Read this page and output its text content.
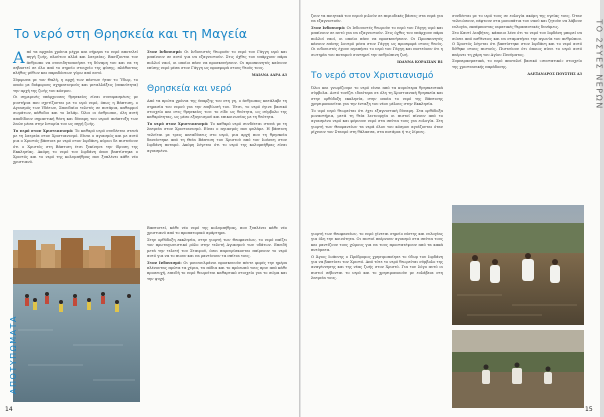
Το νερό στη Θρησκεία και τη Μαγεία

Από τα αρχαία χρόνια μέχρι και σήμερα το νερό αποτελεί πηγή ζωής, πλούτου αλλά και λατρείας. Βασίζονται τον άνθρωπο να συνειδητοποιήσει τη δύναμη του και να τη σεβαστεί σε όλο από το σημείο στοιχείο της φύσης, πλάθοντας πλήθος μύθων και παραδόσεων γύρω από αυτό.

Σύμφωνα με τον Θαλή, η αρχή των πάντων ήταν το Ύδωρ, το οποίο με διάφορους σχηματισμούς και μεταλλάξεις (πυκνότητα) την αρχή της ζωής του κόσμου.

Οι σημερινές υπάρχουσες θρησκείες είναι συνυφασμένες με μυστήρια που σχετίζονται με το ιερό νερό, όπως η Βάπτιση, ο Αγιασμός των Υδάτων, Σπουδαίοι τελετές σε ποτάμια, καθαρμοί σωμάτων, κάθοδοι και το Ισλάμ. Όλοι οι άνθρωποι, όλη αυτή αποδίδουν σημαντική θέση και δύναμη του νερού ανάπτυξη των λαών μέσα στην Ιστορία του ως πηγή ζωής.

Το νερό στον Χριστιανισμό: Το καθαρό νερό συνδέεται στενά με τη λατρεία στον Χριστιανισμό. Είναι ο αγιασμός και με αυτό μια ο Χριστός βάπτισε με νερό στον Ιορδάνη, κύριοι δε πιστεύουν ότι ο Χριστός στη Βάπτιση έτσι ξεκίνησε την ίδρυση της Εκκλησίας. Ακόμη το νερό του Ιορδάνη όπου βαπτίστηκε ο Χριστός και το νερό της κολυμπήθρας που ξυπλένει κάθε νέο χριστιανό.

Στον Ινδουισμό: Οι Ινδουιστές θεωρούν το νερό του Γάγγη ιερό και μπαίνουν σε αυτό για να εξαγνιστούν. Στις όχθες του υπάρχουν πάρα πολλοί ναοί, οι οποίοι πάνε να προσκυνήσουν. Οι προσκυνητές καίνουν επίσης νερό μέσα στον Γάγγη ως προσφορά στους θεούς τους.

ΜΑΙΛΝΑ ΔΑΡΑ Α3
Θρησκεία και νερό

Από τα πρώτα χρόνια της ύπαρξης του στη γη, ο άνθρωπος κατάλαβε τη σημασία του νερού για την επιβίωσή του. Έτσι, το νερό έγινε βασικό στοιχείο και στις θρησκείες του: το είδε ως θεότητα, ως σύμβολο της καθαρότητας, ως μέσο εξαγνισμού και επικοινωνίας με τη θεότητα.

Το νερό στον Χριστιανισμό: Το καθαρό νερό συνδέεται στενά με τη λατρεία στον Χριστιανισμό. Είναι ο αγιασμός που φυλάμε. Η βάπτιση τελείται με τρεις καταδύσεις στο νερό, μια αρχή που τη θρησκεία δανείστηκε από τη Θεία Βάπτιση του Χριστού από τον Ιωάννη στον Ιορδάνη ποταμό. Ακόμη λέγεται ότι το νερό της κολυμπήθρας είναι αγιασμένο.

Βαπτιστεί, κάθε νέο νερό της κολυμπήθρας, που ξυπλένει κάθε νέο χριστιανό από το προπατορικό αμάρτημα.

Στην ορθόδοξη εκκλησία, στην γιορτή των Θεοφανείων, το νερό παίζει τον πρωταγωνιστικό ρόλο στην τελετή Αγιασμού των υδάτων. Επειδή μετά την τελετή του Σταυρού, όσοι παρευρίσκονται παίρνουν το νερό αυτό για να το πιουν και να ραντίσουν τα σπίτια τους.

Στον Ινδουισμό: Οι μουσουλμάνοι προσκυνούν πέντε φορές την ημέρα πλένοντας πρώτα τα χέρια, τα πόδια και το πρόσωπό τους πριν από κάθε προσευχή, επειδή το νερό θεωρείται καθαρτικό στοιχείο για το σώμα και την ψυχή.

ΑΠΟΤΥΠΩΜΑΤΑ
14

ζουν τα ποιητικά του νερού μιλούν σε περιοδικές βάσεις στα νερά για να εξαγνιστούν.

Στον Ινδουισμό: Οι Ινδουιστές θεωρούν το νερό του Γάγγη ιερό και μπαίνουν σε αυτό για να εξαγνιστούν. Στις όχθες του υπάρχουν πάρα πολλοί ναοί, οι οποίοι πάνε να προσκυνήσουν. Οι Προσκυνητές κάνουν επίσης λουτρό μέσα στον Γάγγη ως προσφορά στους θεούς. Οι ινδουιστές έχουν αγαπήσει το νερό του Γάγγη και πιστεύουν ότι η σωτηρία του ποταμού συντηρεί την ανθρώπινη ζωή.

ΙΩΑΝΝΑ ΚΟΡΑΣΙΑΝ Β1
Το νερό στον Χριστιανισμό

Όλοι και γνωρίζουμε το νερό είναι από τα κυριότερα θρησκευτικά σύμβολα. Αυτό τονίζει ιδιαίτερα σε όλη τη Χριστιανική θρησκεία και στην ορθόδοξη εκκλησία, στην οποία το νερό της Βάπτισης χρησιμοποιείται για την ένταξη του νέου μέλους στην Εκκλησία.

Το ιερό νερό θεωρείται ότι έχει εξαγνιστική δύναμη. Στα ορθόδοξα μοναστήρια, μετά τη θεία λειτουργία οι πιστοί πίνουν από το αγιασμένο νερό και φέρνουν νερό στα σπίτια τους για ευλογία. Στη γιορτή των Θεοφανείων τα νερά όλου του κόσμου αγιάζονται όταν ρίχνουν τον Σταυρό στη θάλασσα, στα ποτάμια ή τις λίμνες.

συνδέεται με το ιερό τους σε ευλογία ακόμη της υγείας τους. Όταν τελειώσουν, πέφτουν στα μονοπάτια του ναού και ζητούν να λάβουν ευλογία, εκπέμποντας ιαματικές θεραπευτικές δυνάμεις.

Στο Καυτί Διαβήτες, κάποιοι λένε ότι το νερό του Ιορδάνη μπορεί να σώσει από ασθένειες και να σταματήσει την αγωνία του ανθρώπου. Ο Χριστός λέγεται ότι βαπτίστηκε στον Ιορδάνη και το νερό αυτό δόθηκε στους πιστούς. Πιστεύουν ότι όποιος πίνει το νερό αυτό παίρνει τη χάρη του Αγίου Πνεύματος.

Συμπερασματικά, το νερό αποτελεί βασικό «συστατικό» στοιχείο της χριστιανικής παράδοσης.

ΑΛΕΞΑΝΔΡΟΣ ΠΟΥΣΤΗΣ Α3

γιορτή των Θεοφανείων, το νερό γίνεται σημείο πίστης και ευλογίας για όλη την κοινότητα. Οι πιστοί παίρνουν αγιασμό στα σπίτια τους και ραντίζουν τους χώρους για να τους προστατέψουν από τα κακά πνεύματα.

Ο Άγιος Ιωάννης ο Πρόδρομος χρησιμοποίησε το ύδωρ του Ιορδάνη για να βαπτίσει τον Χριστό. Από τότε το νερό θεωρείται σύμβολο της αναγέννησης και της νέας ζωής στον Χριστό. Για τον λόγο αυτό οι πιστοί σέβονται το νερό και το χρησιμοποιούν με ευλάβεια στη λατρεία τους.

ΤΟ 2ΣΥΕΣ ΝΕΡΩΝ
15
